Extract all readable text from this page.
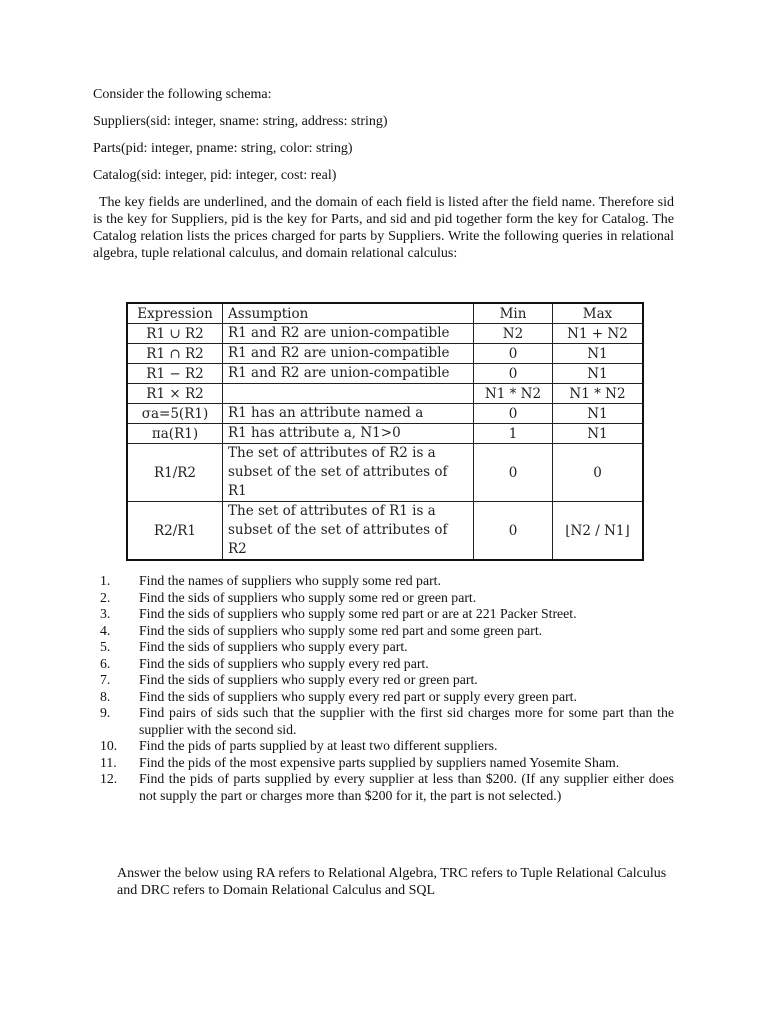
Consider the following schema:

Suppliers(sid: integer, sname: string, address: string)

Parts(pid: integer, pname: string, color: string)

Catalog(sid: integer, pid: integer, cost: real)

The key fields are underlined, and the domain of each field is listed after the field name. Therefore sid is the key for Suppliers, pid is the key for Parts, and sid and pid together form the key for Catalog. The Catalog relation lists the prices charged for parts by Suppliers. Write the following queries in relational algebra, tuple relational calculus, and domain relational calculus:

Expression	Assumption	Min	Max
R1 ∪ R2	R1 and R2 are union-compatible	N2	N1 + N2
R1 ∩ R2	R1 and R2 are union-compatible	0	N1
R1 − R2	R1 and R2 are union-compatible	0	N1
R1 × R2		N1 * N2	N1 * N2
σa=5(R1)	R1 has an attribute named a	0	N1
πa(R1)	R1 has attribute a, N1>0	1	N1
R1/R2	The set of attributes of R2 is a subset of the set of attributes of R1	0	0
R2/R1	The set of attributes of R1 is a subset of the set of attributes of R2	0	⌊N2 / N1⌋
1.	Find the names of suppliers who supply some red part.
2.	Find the sids of suppliers who supply some red or green part.
3.	Find the sids of suppliers who supply some red part or are at 221 Packer Street.
4.	Find the sids of suppliers who supply some red part and some green part.
5.	Find the sids of suppliers who supply every part.
6.	Find the sids of suppliers who supply every red part.
7.	Find the sids of suppliers who supply every red or green part.
8.	Find the sids of suppliers who supply every red part or supply every green part.
9.	Find pairs of sids such that the supplier with the first sid charges more for some part than the supplier with the second sid.
10.	Find the pids of parts supplied by at least two different suppliers.
11.	Find the pids of the most expensive parts supplied by suppliers named Yosemite Sham.
12.	Find the pids of parts supplied by every supplier at less than $200. (If any supplier either does not supply the part or charges more than $200 for it, the part is not selected.)

Answer the below using RA refers to Relational Algebra, TRC refers to Tuple Relational Calculus and DRC refers to Domain Relational Calculus and SQL
